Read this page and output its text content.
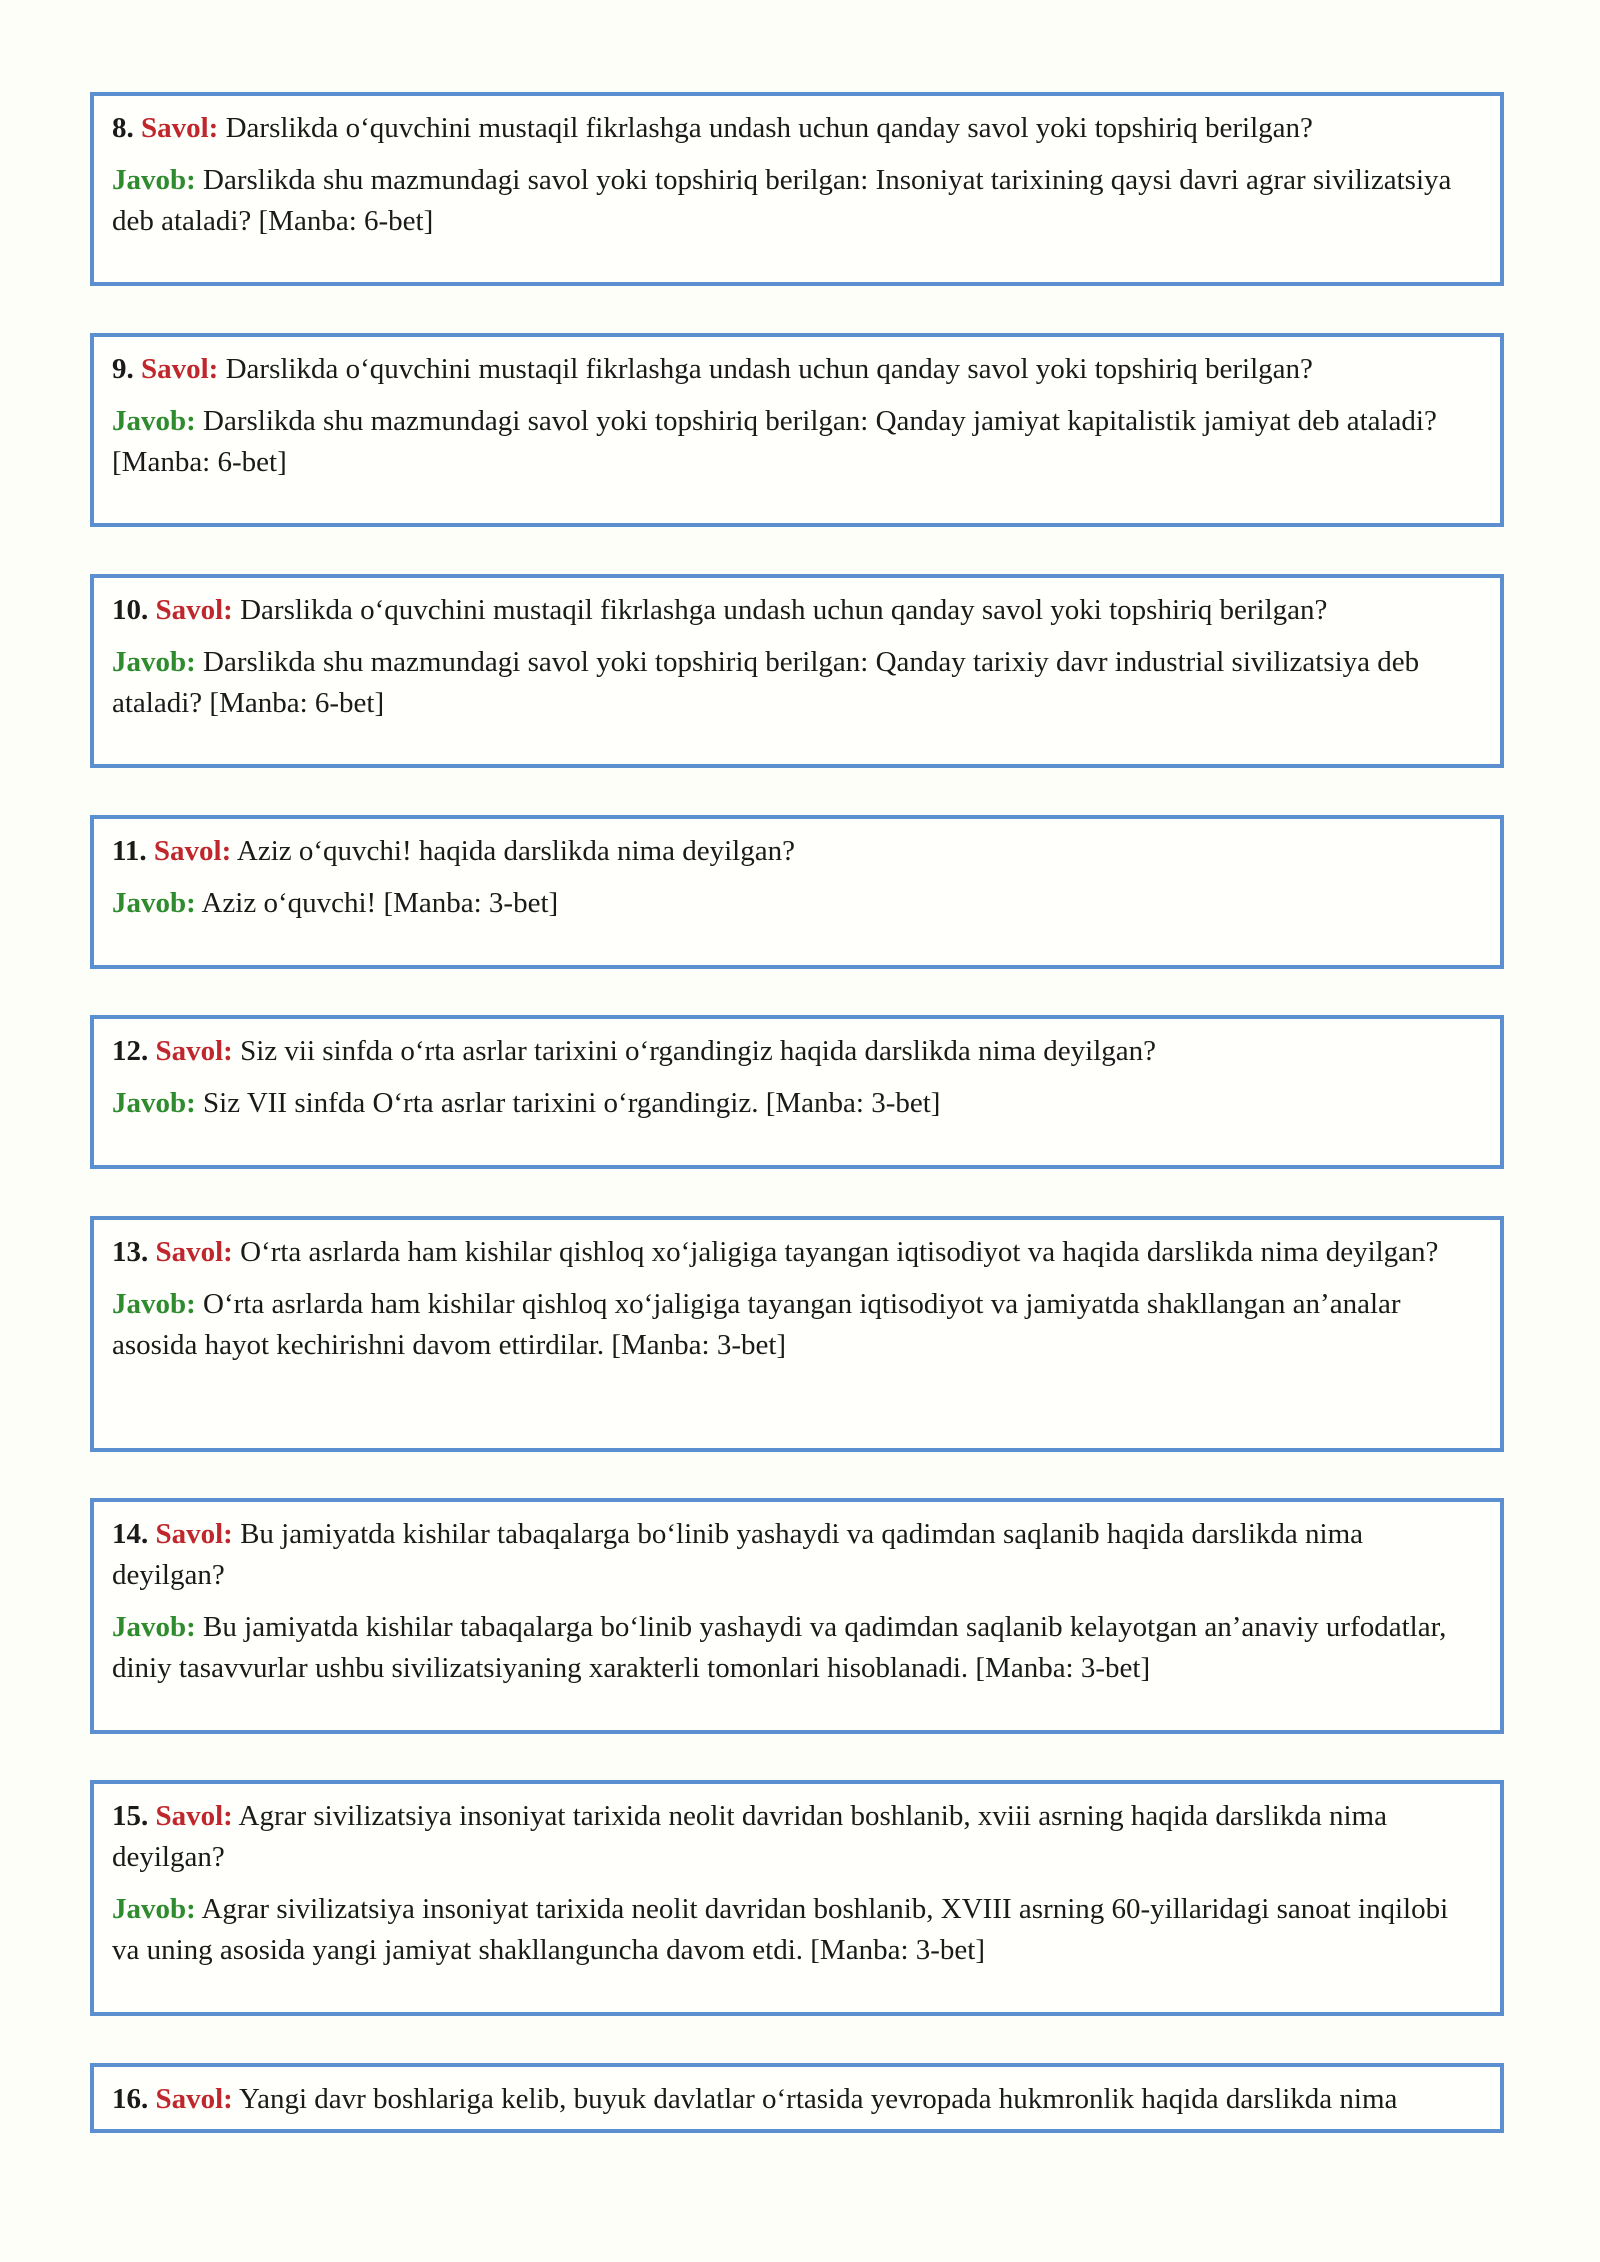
8. Savol: Darslikda o‘quvchini mustaqil fikrlashga undash uchun qanday savol yoki topshiriq berilgan?

Javob: Darslikda shu mazmundagi savol yoki topshiriq berilgan: Insoniyat tarixining qaysi davri agrar sivilizatsiya deb ataladi? [Manba: 6-bet]

9. Savol: Darslikda o‘quvchini mustaqil fikrlashga undash uchun qanday savol yoki topshiriq berilgan?

Javob: Darslikda shu mazmundagi savol yoki topshiriq berilgan: Qanday jamiyat kapitalistik jamiyat deb ataladi? [Manba: 6-bet]

10. Savol: Darslikda o‘quvchini mustaqil fikrlashga undash uchun qanday savol yoki topshiriq berilgan?

Javob: Darslikda shu mazmundagi savol yoki topshiriq berilgan: Qanday tarixiy davr industrial sivilizatsiya deb ataladi? [Manba: 6-bet]

11. Savol: Aziz o‘quvchi! haqida darslikda nima deyilgan?

Javob: Aziz o‘quvchi! [Manba: 3-bet]

12. Savol: Siz vii sinfda o‘rta asrlar tarixini o‘rgandingiz haqida darslikda nima deyilgan?

Javob: Siz VII sinfda O‘rta asrlar tarixini o‘rgandingiz. [Manba: 3-bet]

13. Savol: O‘rta asrlarda ham kishilar qishloq xo‘jaligiga tayangan iqtisodiyot va haqida darslikda nima deyilgan?

Javob: O‘rta asrlarda ham kishilar qishloq xo‘jaligiga tayangan iqtisodiyot va jamiyatda shakllangan an’analar asosida hayot kechirishni davom ettirdilar. [Manba: 3-bet]

14. Savol: Bu jamiyatda kishilar tabaqalarga bo‘linib yashaydi va qadimdan saqlanib haqida darslikda nima deyilgan?

Javob: Bu jamiyatda kishilar tabaqalarga bo‘linib yashaydi va qadimdan saqlanib kelayotgan an’anaviy urfodatlar, diniy tasavvurlar ushbu sivilizatsiyaning xarakterli tomonlari hisoblanadi. [Manba: 3-bet]

15. Savol: Agrar sivilizatsiya insoniyat tarixida neolit davridan boshlanib, xviii asrning haqida darslikda nima deyilgan?

Javob: Agrar sivilizatsiya insoniyat tarixida neolit davridan boshlanib, XVIII asrning 60-yillaridagi sanoat inqilobi va uning asosida yangi jamiyat shakllanguncha davom etdi. [Manba: 3-bet]

16. Savol: Yangi davr boshlariga kelib, buyuk davlatlar o‘rtasida yevropada hukmronlik haqida darslikda nima
